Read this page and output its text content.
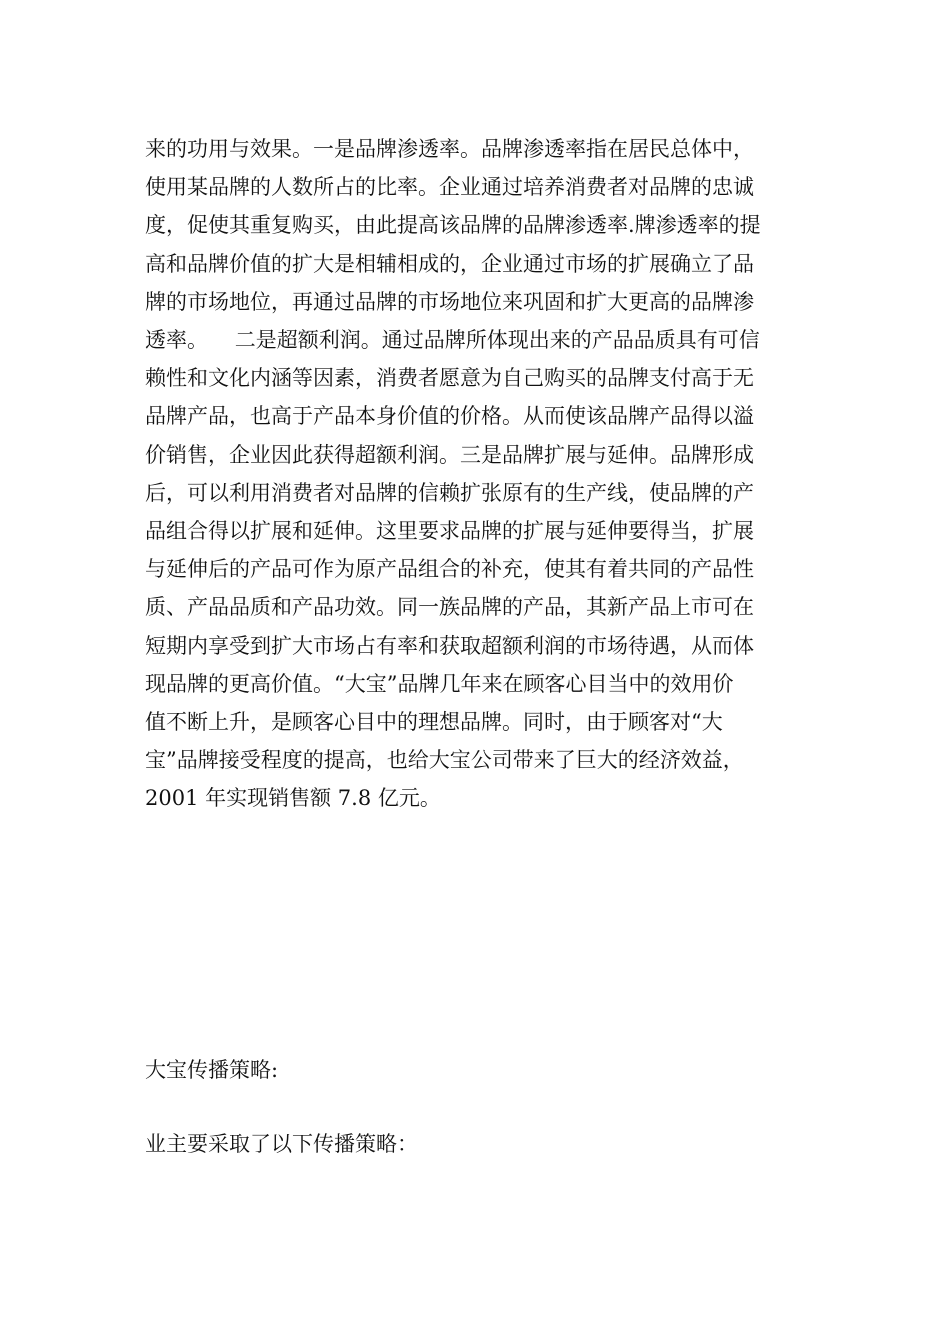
来的功用与效果。一是品牌渗透率。品牌渗透率指在居民总体中，
使用某品牌的人数所占的比率。企业通过培养消费者对品牌的忠诚
度，促使其重复购买，由此提高该品牌的品牌渗透率.牌渗透率的提
高和品牌价值的扩大是相辅相成的，企业通过市场的扩展确立了品
牌的市场地位，再通过品牌的市场地位来巩固和扩大更高的品牌渗
透率。    二是超额利润。通过品牌所体现出来的产品品质具有可信
赖性和文化内涵等因素，消费者愿意为自己购买的品牌支付高于无
品牌产品，也高于产品本身价值的价格。从而使该品牌产品得以溢
价销售，企业因此获得超额利润。三是品牌扩展与延伸。品牌形成
后，可以利用消费者对品牌的信赖扩张原有的生产线，使品牌的产
品组合得以扩展和延伸。这里要求品牌的扩展与延伸要得当，扩展
与延伸后的产品可作为原产品组合的补充，使其有着共同的产品性
质、产品品质和产品功效。同一族品牌的产品，其新产品上市可在
短期内享受到扩大市场占有率和获取超额利润的市场待遇，从而体
现品牌的更高价值。“大宝”品牌几年来在顾客心目当中的效用价
值不断上升，是顾客心目中的理想品牌。同时，由于顾客对“大
宝”品牌接受程度的提高，也给大宝公司带来了巨大的经济效益，
2001 年实现销售额 7.8 亿元。

大宝传播策略:

业主要采取了以下传播策略：
